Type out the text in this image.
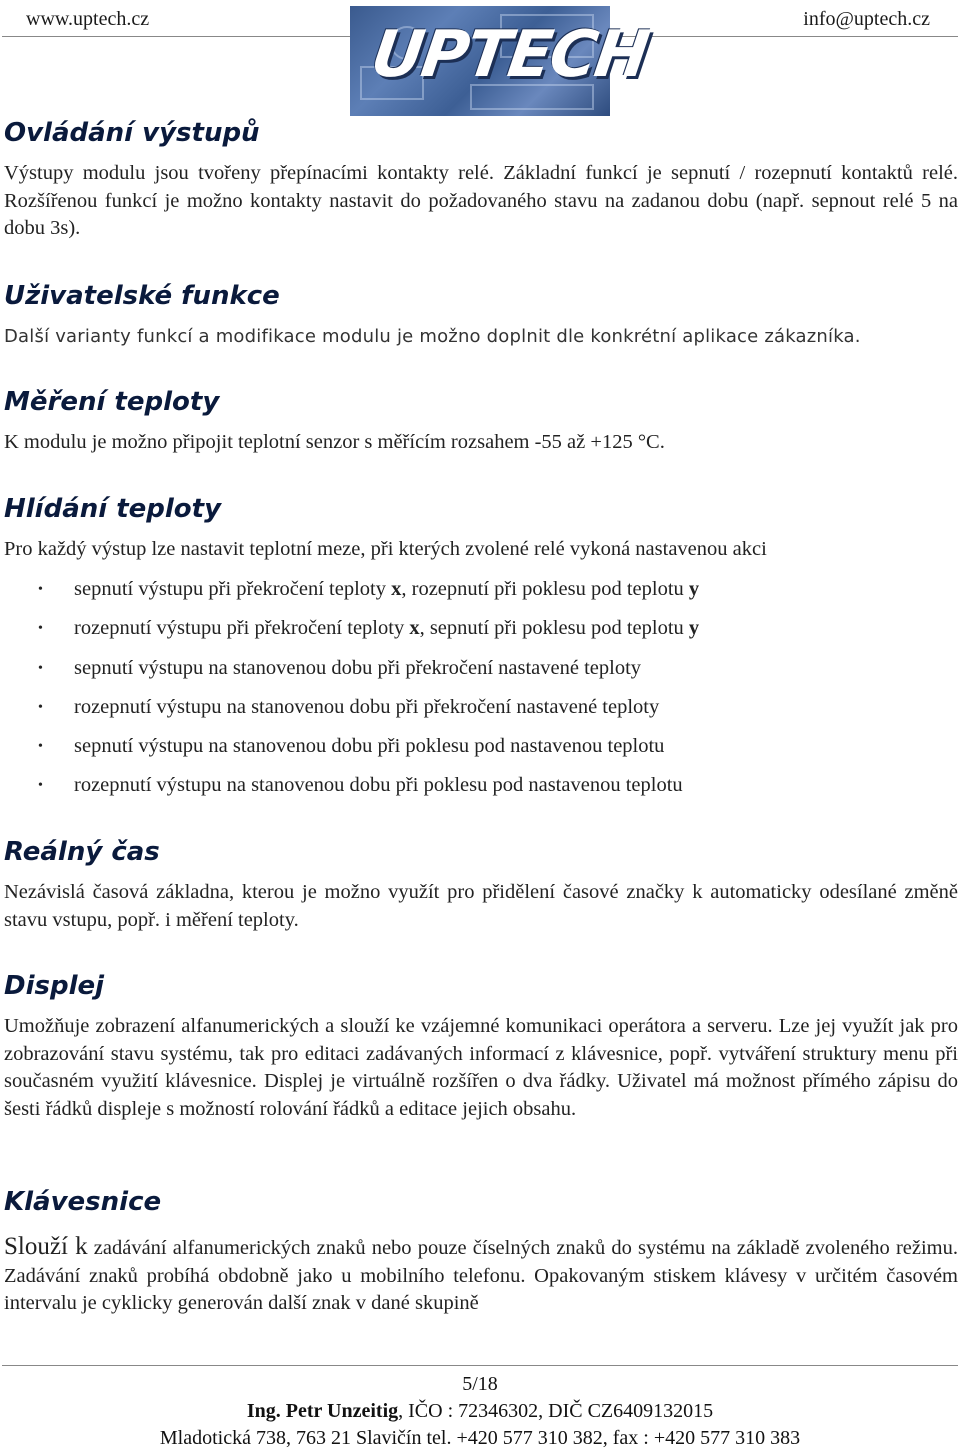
www.uptech.cz	info@uptech.cz
UPTECH
Ovládání výstupů

Výstupy modulu jsou tvořeny přepínacími kontakty relé. Základní funkcí je sepnutí / rozepnutí kontaktů relé. Rozšířenou funkcí je možno kontakty nastavit do požadovaného stavu na zadanou dobu (např. sepnout relé 5 na dobu 3s).

Uživatelské funkce

Další varianty funkcí a modifikace modulu je možno doplnit dle konkrétní aplikace zákazníka.

Měření teploty

K modulu je možno připojit teplotní senzor s měřícím rozsahem -55 až +125 °C.

Hlídání teploty

Pro každý výstup lze nastavit teplotní meze, při kterých zvolené relé vykoná nastavenou akci

• sepnutí výstupu při překročení teploty x, rozepnutí při poklesu pod teplotu y
• rozepnutí výstupu při překročení teploty x, sepnutí při poklesu pod teplotu y
• sepnutí výstupu na stanovenou dobu při překročení nastavené teploty
• rozepnutí výstupu na stanovenou dobu při překročení nastavené teploty
• sepnutí výstupu na stanovenou dobu při poklesu pod nastavenou teplotu
• rozepnutí výstupu na stanovenou dobu při poklesu pod nastavenou teplotu
Reálný čas

Nezávislá časová základna, kterou je možno využít pro přidělení časové značky k automaticky odesílané změně stavu vstupu, popř. i měření teploty.

Displej

Umožňuje zobrazení alfanumerických a slouží ke vzájemné komunikaci operátora a serveru. Lze jej využít jak pro zobrazování stavu systému, tak pro editaci zadávaných informací z klávesnice, popř. vytváření struktury menu při současném využití klávesnice. Displej je virtuálně rozšířen o dva řádky. Uživatel má možnost přímého zápisu do šesti řádků displeje s možností rolování řádků a editace jejich obsahu.

Klávesnice

Slouží k zadávání alfanumerických znaků nebo pouze číselných znaků do systému na základě zvoleného režimu. Zadávání znaků probíhá obdobně jako u mobilního telefonu. Opakovaným stiskem klávesy v určitém časovém intervalu je cyklicky generován další znak v dané skupině

5/18
Ing. Petr Unzeitig, IČO : 72346302, DIČ CZ6409132015
Mladotická 738, 763 21 Slavičín tel. +420 577 310 382, fax : +420 577 310 383
